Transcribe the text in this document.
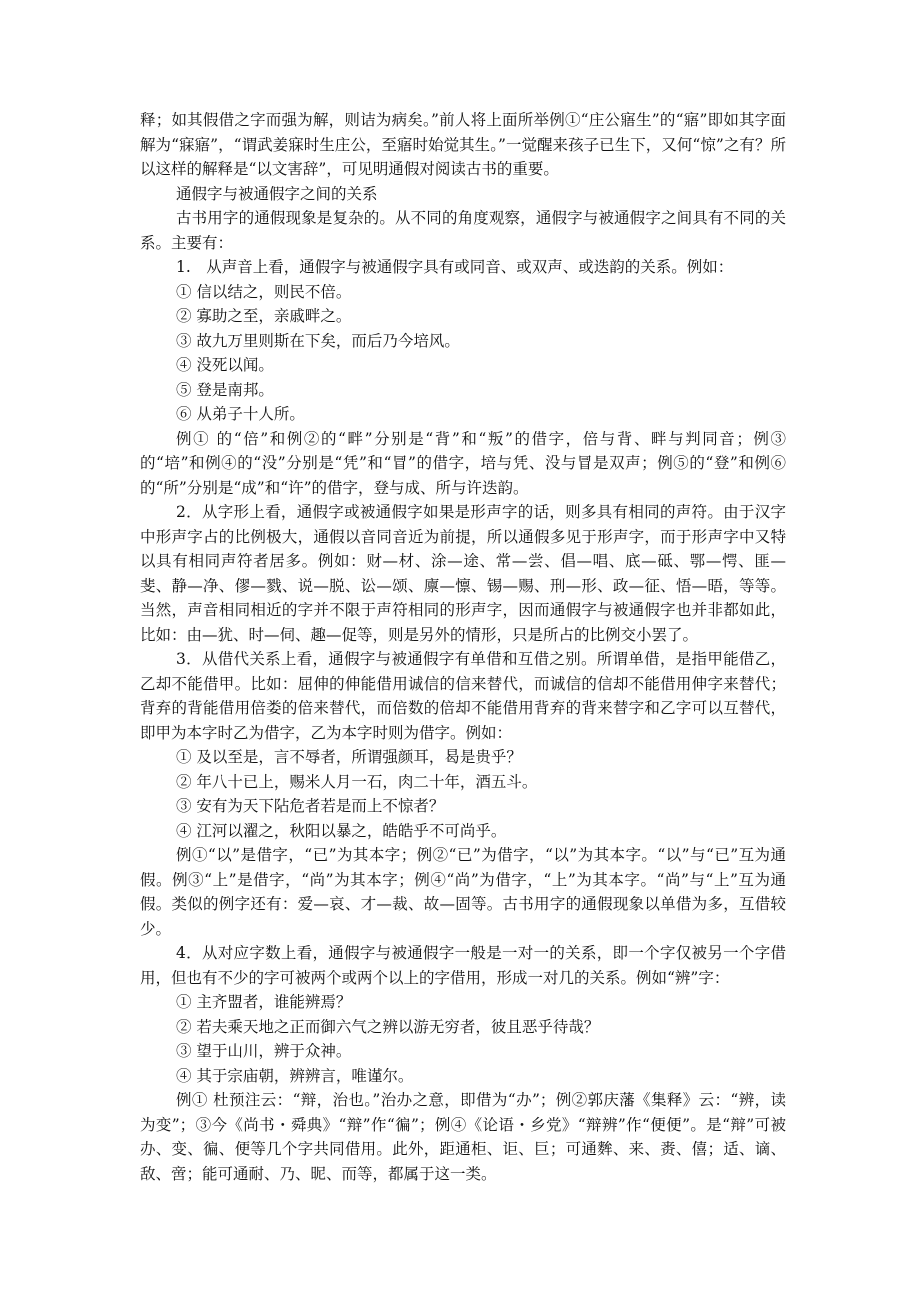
释；如其假借之字而强为解，则诘为病矣。”前人将上面所举例①“庄公寤生”的“寤”即如其字面解为“寐寤”，“谓武姜寐时生庄公，至寤时始觉其生。”一觉醒来孩子已生下，又何“惊”之有？所以这样的解释是“以文害辞”，可见明通假对阅读古书的重要。

通假字与被通假字之间的关系

古书用字的通假现象是复杂的。从不同的角度观察，通假字与被通假字之间具有不同的关系。主要有：

1.　从声音上看，通假字与被通假字具有或同音、或双声、或迭韵的关系。例如：

① 信以结之，则民不倍。

② 寡助之至，亲戚畔之。

③ 故九万里则斯在下矣，而后乃今培风。

④ 没死以闻。

⑤ 登是南邦。

⑥ 从弟子十人所。

例① 的“倍”和例②的“畔”分别是“背”和“叛”的借字，倍与背、畔与判同音；例③的“培”和例④的“没”分别是“凭”和“冒”的借字，培与凭、没与冒是双声；例⑤的“登”和例⑥的“所”分别是“成”和“许”的借字，登与成、所与许迭韵。

2．从字形上看，通假字或被通假字如果是形声字的话，则多具有相同的声符。由于汉字中形声字占的比例极大，通假以音同音近为前提，所以通假多见于形声字，而于形声字中又特以具有相同声符者居多。例如：财—材、涂—途、常—尝、倡—唱、底—砥、鄂—愕、匪—斐、静—净、僇—戮、说—脱、讼—颂、廪—懔、锡—赐、刑—形、政—征、悟—晤，等等。当然，声音相同相近的字并不限于声符相同的形声字，因而通假字与被通假字也并非都如此，比如：由—犹、时—伺、趣—促等，则是另外的情形，只是所占的比例交小罢了。

3．从借代关系上看，通假字与被通假字有单借和互借之别。所谓单借，是指甲能借乙，乙却不能借甲。比如：屈伸的伸能借用诚信的信来替代，而诚信的信却不能借用伸字来替代；背弃的背能借用倍娄的倍来替代，而倍数的倍却不能借用背弃的背来替字和乙字可以互替代，即甲为本字时乙为借字，乙为本字时则为借字。例如：

① 及以至是，言不辱者，所谓强颜耳，曷是贵乎？

② 年八十已上，赐米人月一石，肉二十年，酒五斗。

③ 安有为天下阽危者若是而上不惊者？

④ 江河以濯之，秋阳以暴之，皓皓乎不可尚乎。

例①“以”是借字，“已”为其本字；例②“已”为借字，“以”为其本字。“以”与“已”互为通假。例③“上”是借字，“尚”为其本字；例④“尚”为借字，“上”为其本字。“尚”与“上”互为通假。类似的例字还有：爱—哀、才—裁、故—固等。古书用字的通假现象以单借为多，互借较少。

4．从对应字数上看，通假字与被通假字一般是一对一的关系，即一个字仅被另一个字借用，但也有不少的字可被两个或两个以上的字借用，形成一对几的关系。例如“辨”字：

① 主齐盟者，谁能辨焉？

② 若夫乘天地之正而御六气之辨以游无穷者，彼且恶乎待哉？

③ 望于山川，辨于众神。

④ 其于宗庙朝，辨辨言，唯谨尔。

例① 杜预注云：“辩，治也。”治办之意，即借为“办”；例②郭庆藩《集释》云：“辨，读为变”；③今《尚书・舜典》“辩”作“徧”；例④《论语・乡党》“辩辨”作“便便”。是“辩”可被办、变、徧、便等几个字共同借用。此外，距通柜、讵、巨；可通麰、来、赉、僖；适、谪、敌、啻；能可通耐、乃、昵、而等，都属于这一类。
